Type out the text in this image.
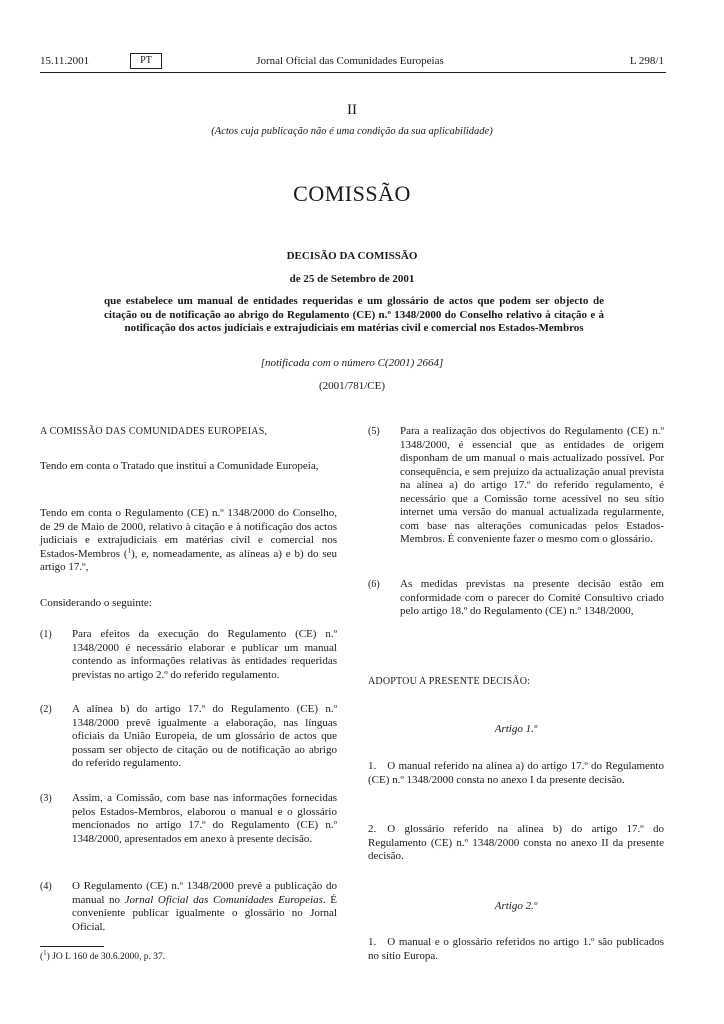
15.11.2001	PT	Jornal Oficial das Comunidades Europeias	L 298/1
II
(Actos cuja publicação não é uma condição da sua aplicabilidade)
COMISSÃO
DECISÃO DA COMISSÃO
de 25 de Setembro de 2001
que estabelece um manual de entidades requeridas e um glossário de actos que podem ser objecto de citação ou de notificação ao abrigo do Regulamento (CE) n.º 1348/2000 do Conselho relativo à citação e à notificação dos actos judiciais e extrajudiciais em matérias civil e comercial nos Estados-Membros
[notificada com o número C(2001) 2664]
(2001/781/CE)
A COMISSÃO DAS COMUNIDADES EUROPEIAS,
Tendo em conta o Tratado que institui a Comunidade Europeia,
Tendo em conta o Regulamento (CE) n.º 1348/2000 do Conselho, de 29 de Maio de 2000, relativo à citação e à notificação dos actos judiciais e extrajudiciais em matérias civil e comercial nos Estados-Membros ($^1$), e, nomeadamente, as alíneas a) e b) do seu artigo 17.º,
Considerando o seguinte:
(1) Para efeitos da execução do Regulamento (CE) n.º 1348/2000 é necessário elaborar e publicar um manual contendo as informações relativas às entidades requeridas previstas no artigo 2.º do referido regulamento.
(2) A alínea b) do artigo 17.º do Regulamento (CE) n.º 1348/2000 prevê igualmente a elaboração, nas línguas oficiais da União Europeia, de um glossário de actos que possam ser objecto de citação ou de notificação ao abrigo do referido regulamento.
(3) Assim, a Comissão, com base nas informações fornecidas pelos Estados-Membros, elaborou o manual e o glossário mencionados no artigo 17.º do Regulamento (CE) n.º 1348/2000, apresentados em anexo à presente decisão.
(4) O Regulamento (CE) n.º 1348/2000 prevê a publicação do manual no Jornal Oficial das Comunidades Europeias. É conveniente publicar igualmente o glossário no Jornal Oficial.
($^1$) JO L 160 de 30.6.2000, p. 37.
(5) Para a realização dos objectivos do Regulamento (CE) n.º 1348/2000, é essencial que as entidades de origem disponham de um manual o mais actualizado possível. Por consequência, e sem prejuízo da actualização anual prevista na alínea a) do artigo 17.º do referido regulamento, é necessário que a Comissão torne acessível no seu sítio internet uma versão do manual actualizada regularmente, com base nas alterações comunicadas pelos Estados-Membros. É conveniente fazer o mesmo com o glossário.
(6) As medidas previstas na presente decisão estão em conformidade com o parecer do Comité Consultivo criado pelo artigo 18.º do Regulamento (CE) n.º 1348/2000,
ADOPTOU A PRESENTE DECISÃO:
Artigo 1.º
1. O manual referido na alínea a) do artigo 17.º do Regulamento (CE) n.º 1348/2000 consta no anexo I da presente decisão.
2. O glossário referido na alínea b) do artigo 17.º do Regulamento (CE) n.º 1348/2000 consta no anexo II da presente decisão.
Artigo 2.º
1. O manual e o glossário referidos no artigo 1.º são publicados no sítio Europa.
